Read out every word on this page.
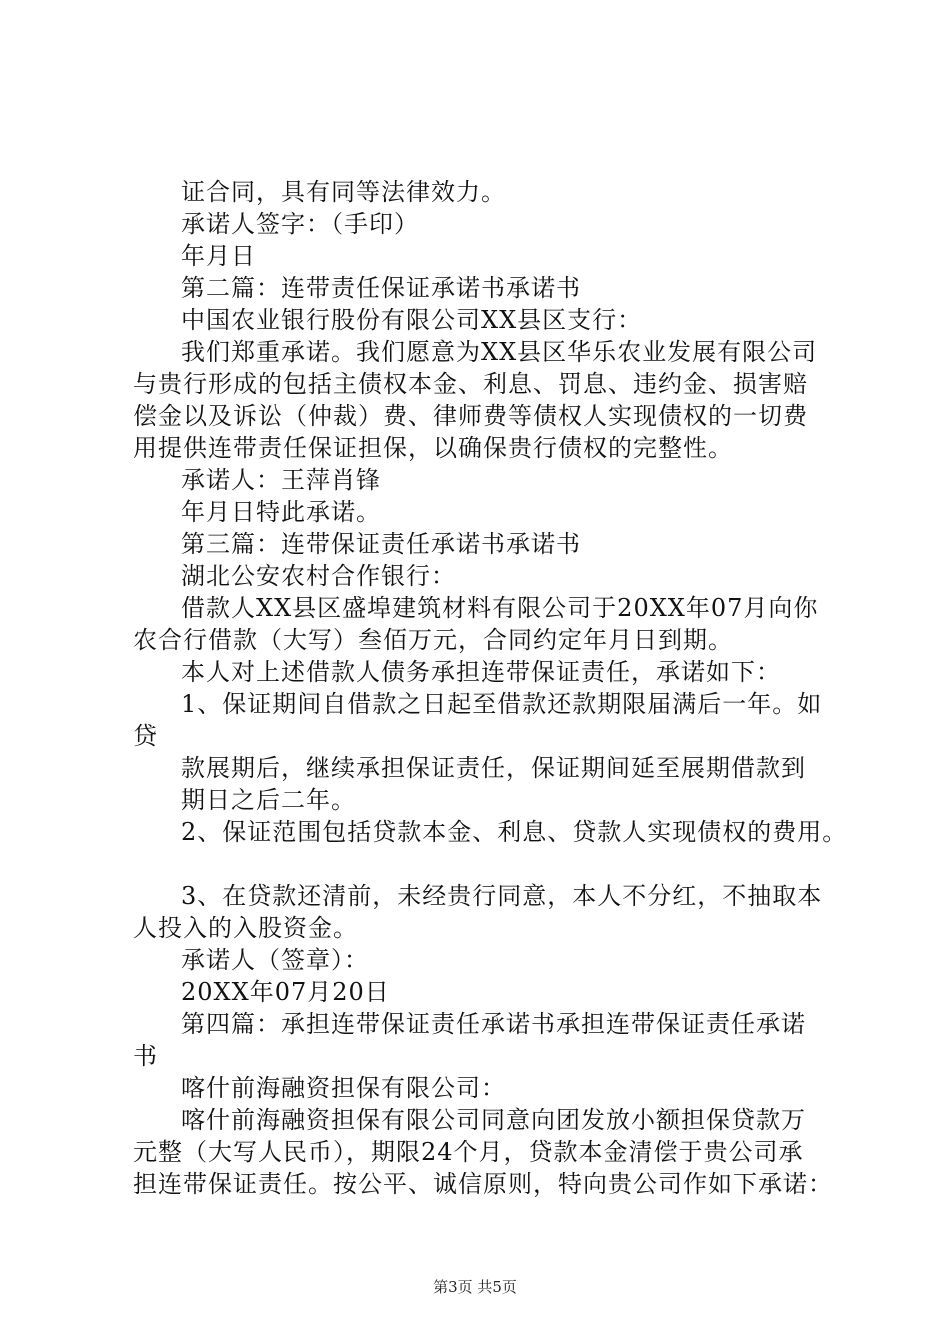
证合同，具有同等法律效力。

承诺人签字：（手印）

年月日

第二篇：连带责任保证承诺书承诺书

中国农业银行股份有限公司XX县区支行：

我们郑重承诺。我们愿意为XX县区华乐农业发展有限公司

与贵行形成的包括主债权本金、利息、罚息、违约金、损害赔

偿金以及诉讼（仲裁）费、律师费等债权人实现债权的一切费

用提供连带责任保证担保，以确保贵行债权的完整性。

承诺人：王萍肖锋

年月日特此承诺。

第三篇：连带保证责任承诺书承诺书

湖北公安农村合作银行：

借款人XX县区盛埠建筑材料有限公司于20XX年07月向你

农合行借款（大写）叁佰万元，合同约定年月日到期。

本人对上述借款人债务承担连带保证责任，承诺如下：

1、保证期间自借款之日起至借款还款期限届满后一年。如

贷

款展期后，继续承担保证责任，保证期间延至展期借款到

期日之后二年。

2、保证范围包括贷款本金、利息、贷款人实现债权的费用。

3、在贷款还清前，未经贵行同意，本人不分红，不抽取本

人投入的入股资金。

承诺人（签章）：

20XX年07月20日

第四篇：承担连带保证责任承诺书承担连带保证责任承诺

书

喀什前海融资担保有限公司：

喀什前海融资担保有限公司同意向团发放小额担保贷款万

元整（大写人民币），期限24个月，贷款本金清偿于贵公司承

担连带保证责任。按公平、诚信原则，特向贵公司作如下承诺：

第3页 共5页
